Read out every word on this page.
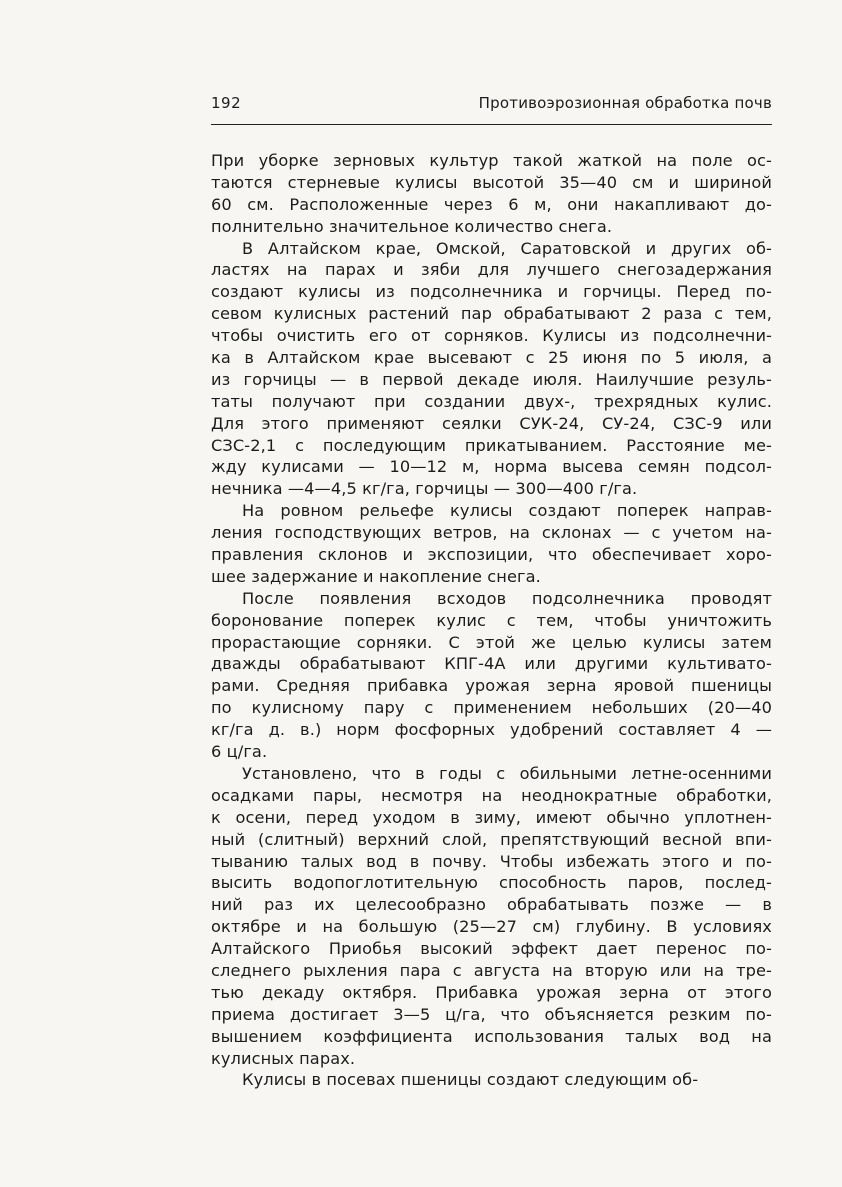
192	Противоэрозионная обработка почв
При уборке зерновых культур такой жаткой на поле ос-
таются стерневые кулисы высотой 35—40 см и шириной
60 см. Расположенные через 6 м, они накапливают до-
полнительно значительное количество снега.
В Алтайском крае, Омской, Саратовской и других об-
ластях на парах и зяби для лучшего снегозадержания
создают кулисы из подсолнечника и горчицы. Перед по-
севом кулисных растений пар обрабатывают 2 раза с тем,
чтобы очистить его от сорняков. Кулисы из подсолнечни-
ка в Алтайском крае высевают с 25 июня по 5 июля, а
из горчицы — в первой декаде июля. Наилучшие резуль-
таты получают при создании двух-, трехрядных кулис.
Для этого применяют сеялки СУК-24, СУ-24, СЗС-9 или
СЗС-2,1 с последующим прикатыванием. Расстояние ме-
жду кулисами — 10—12 м, норма высева семян подсол-
нечника —4—4,5 кг/га, горчицы — 300—400 г/га.
На ровном рельефе кулисы создают поперек направ-
ления господствующих ветров, на склонах — с учетом на-
правления склонов и экспозиции, что обеспечивает хоро-
шее задержание и накопление снега.
После появления всходов подсолнечника проводят
боронование поперек кулис с тем, чтобы уничтожить
прорастающие сорняки. С этой же целью кулисы затем
дважды обрабатывают КПГ-4А или другими культивато-
рами. Средняя прибавка урожая зерна яровой пшеницы
по кулисному пару с применением небольших (20—40
кг/га д. в.) норм фосфорных удобрений составляет 4 —
6 ц/га.
Установлено, что в годы с обильными летне-осенними
осадками пары, несмотря на неоднократные обработки,
к осени, перед уходом в зиму, имеют обычно уплотнен-
ный (слитный) верхний слой, препятствующий весной впи-
тыванию талых вод в почву. Чтобы избежать этого и по-
высить водопоглотительную способность паров, послед-
ний раз их целесообразно обрабатывать позже — в
октябре и на большую (25—27 см) глубину. В условиях
Алтайского Приобья высокий эффект дает перенос по-
следнего рыхления пара с августа на вторую или на тре-
тью декаду октября. Прибавка урожая зерна от этого
приема достигает 3—5 ц/га, что объясняется резким по-
вышением коэффициента использования талых вод на
кулисных парах.
Кулисы в посевах пшеницы создают следующим об-
